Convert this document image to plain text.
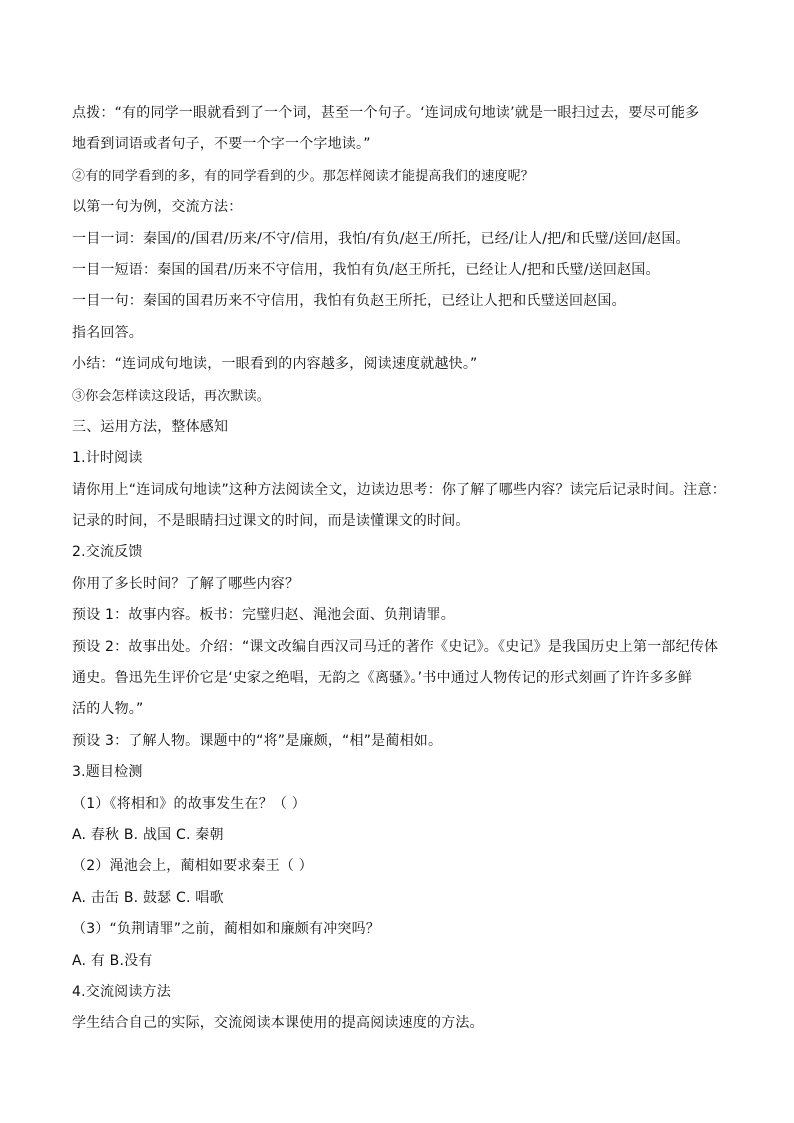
点拨：“有的同学一眼就看到了一个词，甚至一个句子。‘连词成句地读’就是一眼扫过去，要尽可能多
地看到词语或者句子，不要一个字一个字地读。”
②有的同学看到的多，有的同学看到的少。那怎样阅读才能提高我们的速度呢？
以第一句为例，交流方法：
一目一词：秦国/的/国君/历来/不守/信用，我怕/有负/赵王/所托，已经/让人/把/和氏璧/送回/赵国。
一目一短语：秦国的国君/历来不守信用，我怕有负/赵王所托，已经让人/把和氏璧/送回赵国。
一目一句：秦国的国君历来不守信用，我怕有负赵王所托，已经让人把和氏璧送回赵国。
指名回答。
小结：“连词成句地读，一眼看到的内容越多，阅读速度就越快。”
③你会怎样读这段话，再次默读。
三、运用方法，整体感知
1.计时阅读
请你用上“连词成句地读”这种方法阅读全文，边读边思考：你了解了哪些内容？读完后记录时间。注意：
记录的时间，不是眼睛扫过课文的时间，而是读懂课文的时间。
2.交流反馈
你用了多长时间？了解了哪些内容？
预设 1：故事内容。板书：完璧归赵、渑池会面、负荆请罪。
预设 2：故事出处。介绍：“课文改编自西汉司马迁的著作《史记》。《史记》是我国历史上第一部纪传体
通史。鲁迅先生评价它是‘史家之绝唱，无韵之《离骚》。’书中通过人物传记的形式刻画了许许多多鲜
活的人物。”
预设 3：了解人物。课题中的“将”是廉颇，“相”是蔺相如。
3.题目检测
（1）《将相和》的故事发生在？（ ）
A. 春秋 B. 战国 C. 秦朝
（2）渑池会上，蔺相如要求秦王（ ）
A. 击缶 B. 鼓瑟 C. 唱歌
（3）“负荆请罪”之前，蔺相如和廉颇有冲突吗？
A. 有 B.没有
4.交流阅读方法
学生结合自己的实际，交流阅读本课使用的提高阅读速度的方法。
